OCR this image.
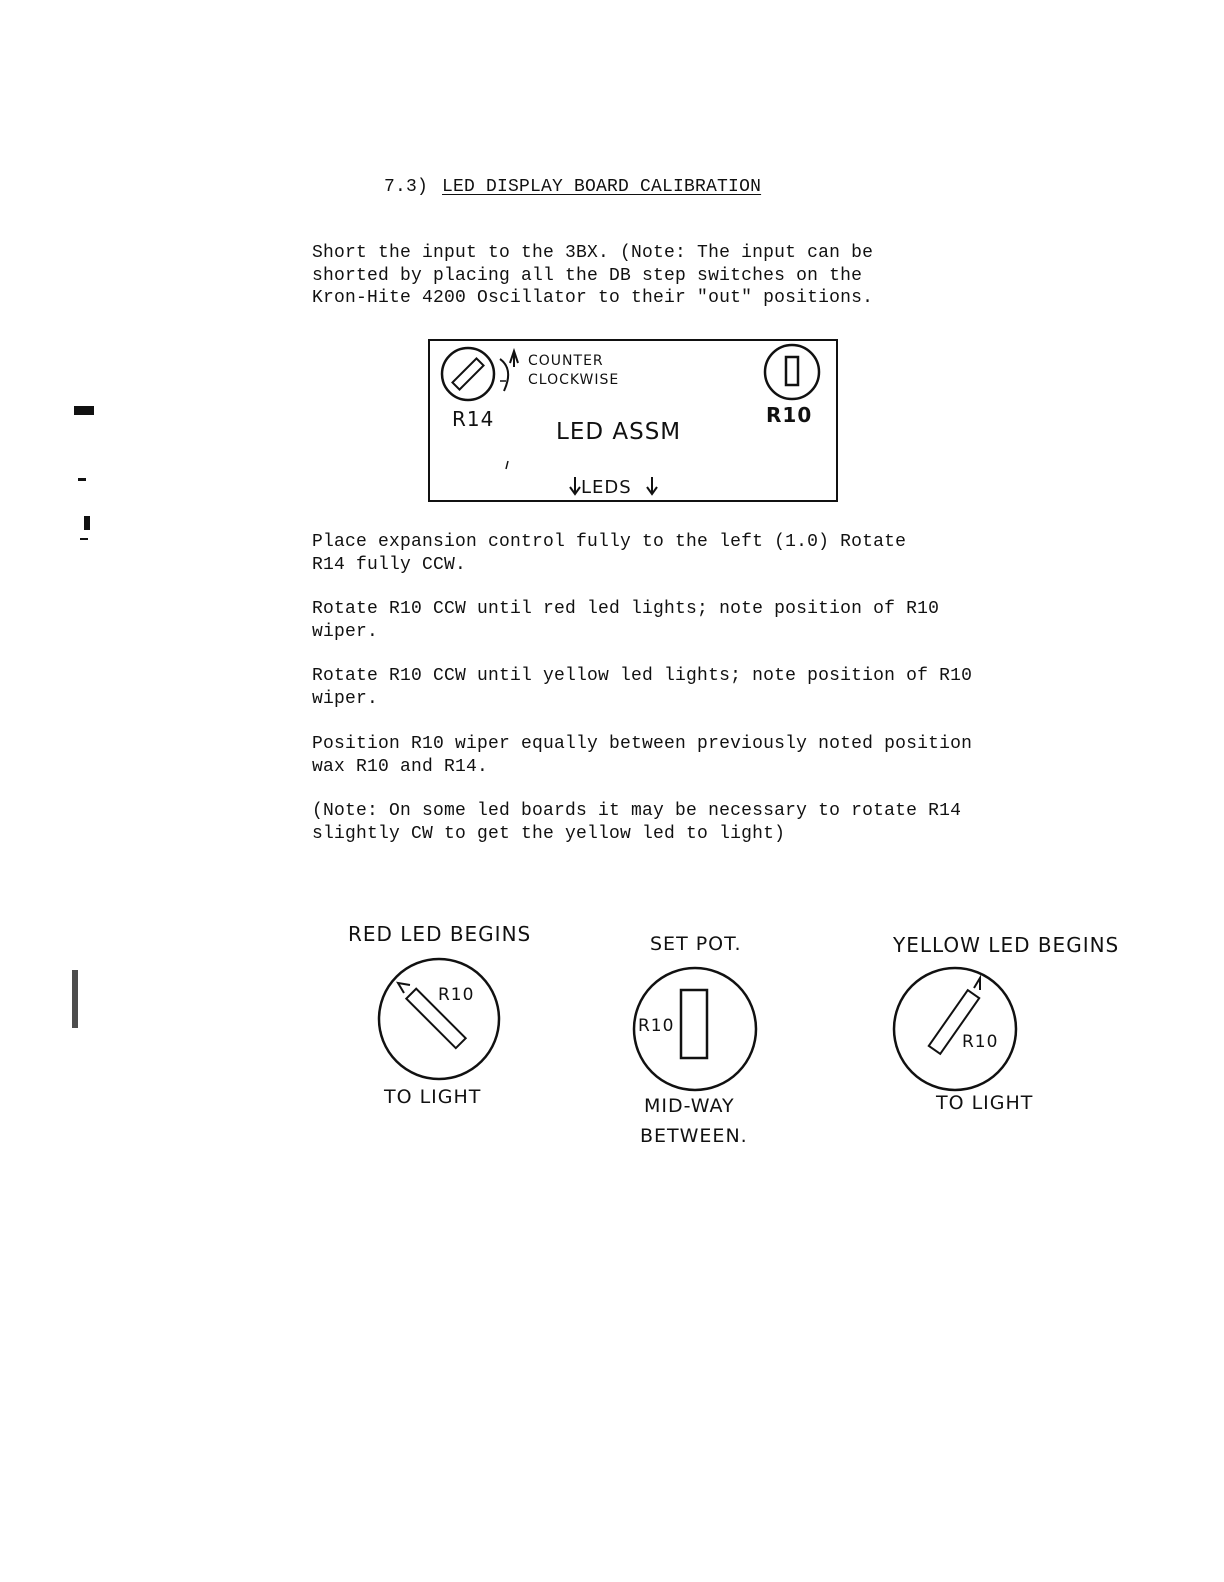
7.3) LED DISPLAY BOARD CALIBRATION
Short the input to the 3BX. (Note: The input can be
shorted by placing all the DB step switches on the
Kron-Hite 4200 Oscillator to their "out" positions.
R14
COUNTER
CLOCKWISE
R10
LED ASSM
LEDS
Place expansion control fully to the left (1.0) Rotate
R14 fully CCW.
Rotate R10 CCW until red led lights; note position of R10
wiper.
Rotate R10 CCW until yellow led lights; note position of R10
wiper.
Position R10 wiper equally between previously noted position
wax R10 and R14.
(Note: On some led boards it may be necessary to rotate R14
slightly CW to get the yellow led to light)
RED LED BEGINS
R10
TO LIGHT
SET POT.
R10
MID-WAY
BETWEEN.
YELLOW LED BEGINS
R10
TO LIGHT
